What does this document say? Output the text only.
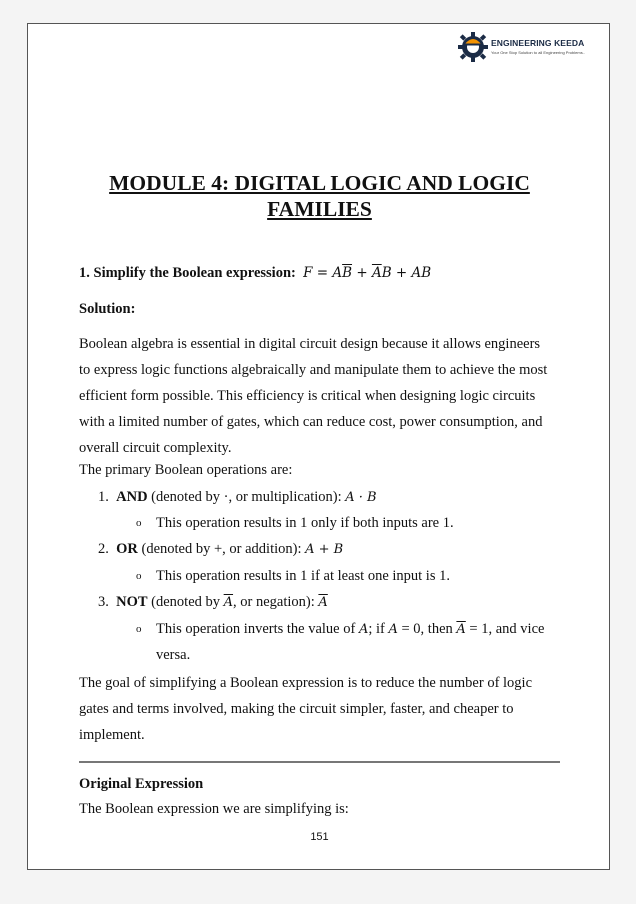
ENGINEERING KEEDA
Your One Stop Solution to all Engineering Problems..
MODULE 4: DIGITAL LOGIC AND LOGIC
FAMILIES
1. Simplify the Boolean expression: $F = A\overline{B} + \overline{A}B$ + AB
Solution:
Boolean algebra is essential in digital circuit design because it allows engineers
to express logic functions algebraically and manipulate them to achieve the most
efficient form possible. This efficiency is critical when designing logic circuits
with a limited number of gates, which can reduce cost, power consumption, and
overall circuit complexity.
The primary Boolean operations are:
1. AND (denoted by ·, or multiplication): A · B
o This operation results in 1 only if both inputs are 1.
2. OR (denoted by +, or addition): A + B
o This operation results in 1 if at least one input is 1.
3. NOT (denoted by $\overline{A}$, or negation): $\overline{A}$
o This operation inverts the value of A; if A = 0, then $\overline{A} = 1$, and vice
versa.
The goal of simplifying a Boolean expression is to reduce the number of logic
gates and terms involved, making the circuit simpler, faster, and cheaper to
implement.
Original Expression
The Boolean expression we are simplifying is:
151
